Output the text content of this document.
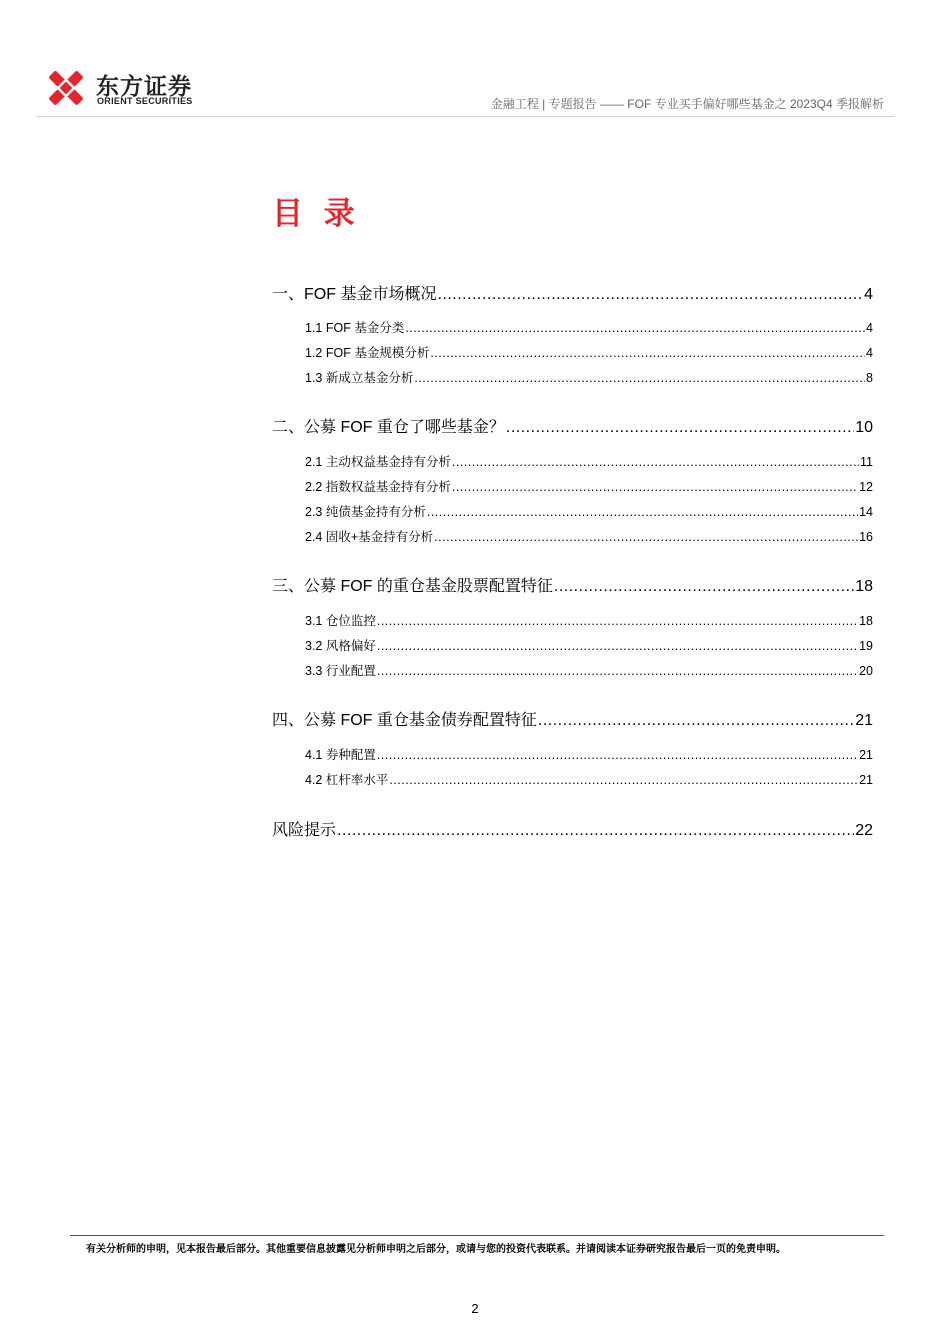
东方证券
ORIENT SECURITIES	金融工程 | 专题报告 —— FOF 专业买手偏好哪些基金之 2023Q4 季报解析
目 录
一、FOF 基金市场概况 .....	4
1.1 FOF 基金分类 .....	4
1.2 FOF 基金规模分析 .....	4
1.3 新成立基金分析 .....	8
二、公募 FOF 重仓了哪些基金？ .....	10
2.1 主动权益基金持有分析 .....	11
2.2 指数权益基金持有分析 .....	12
2.3 纯债基金持有分析 .....	14
2.4 固收+基金持有分析 .....	16
三、公募 FOF 的重仓基金股票配置特征 .....	18
3.1 仓位监控 .....	18
3.2 风格偏好 .....	19
3.3 行业配置 .....	20
四、公募 FOF 重仓基金债券配置特征 .....	21
4.1 券种配置 .....	21
4.2 杠杆率水平 .....	21
风险提示 .....	22
有关分析师的申明，见本报告最后部分。其他重要信息披露见分析师申明之后部分，或请与您的投资代表联系。并请阅读本证券研究报告最后一页的免责申明。
2
